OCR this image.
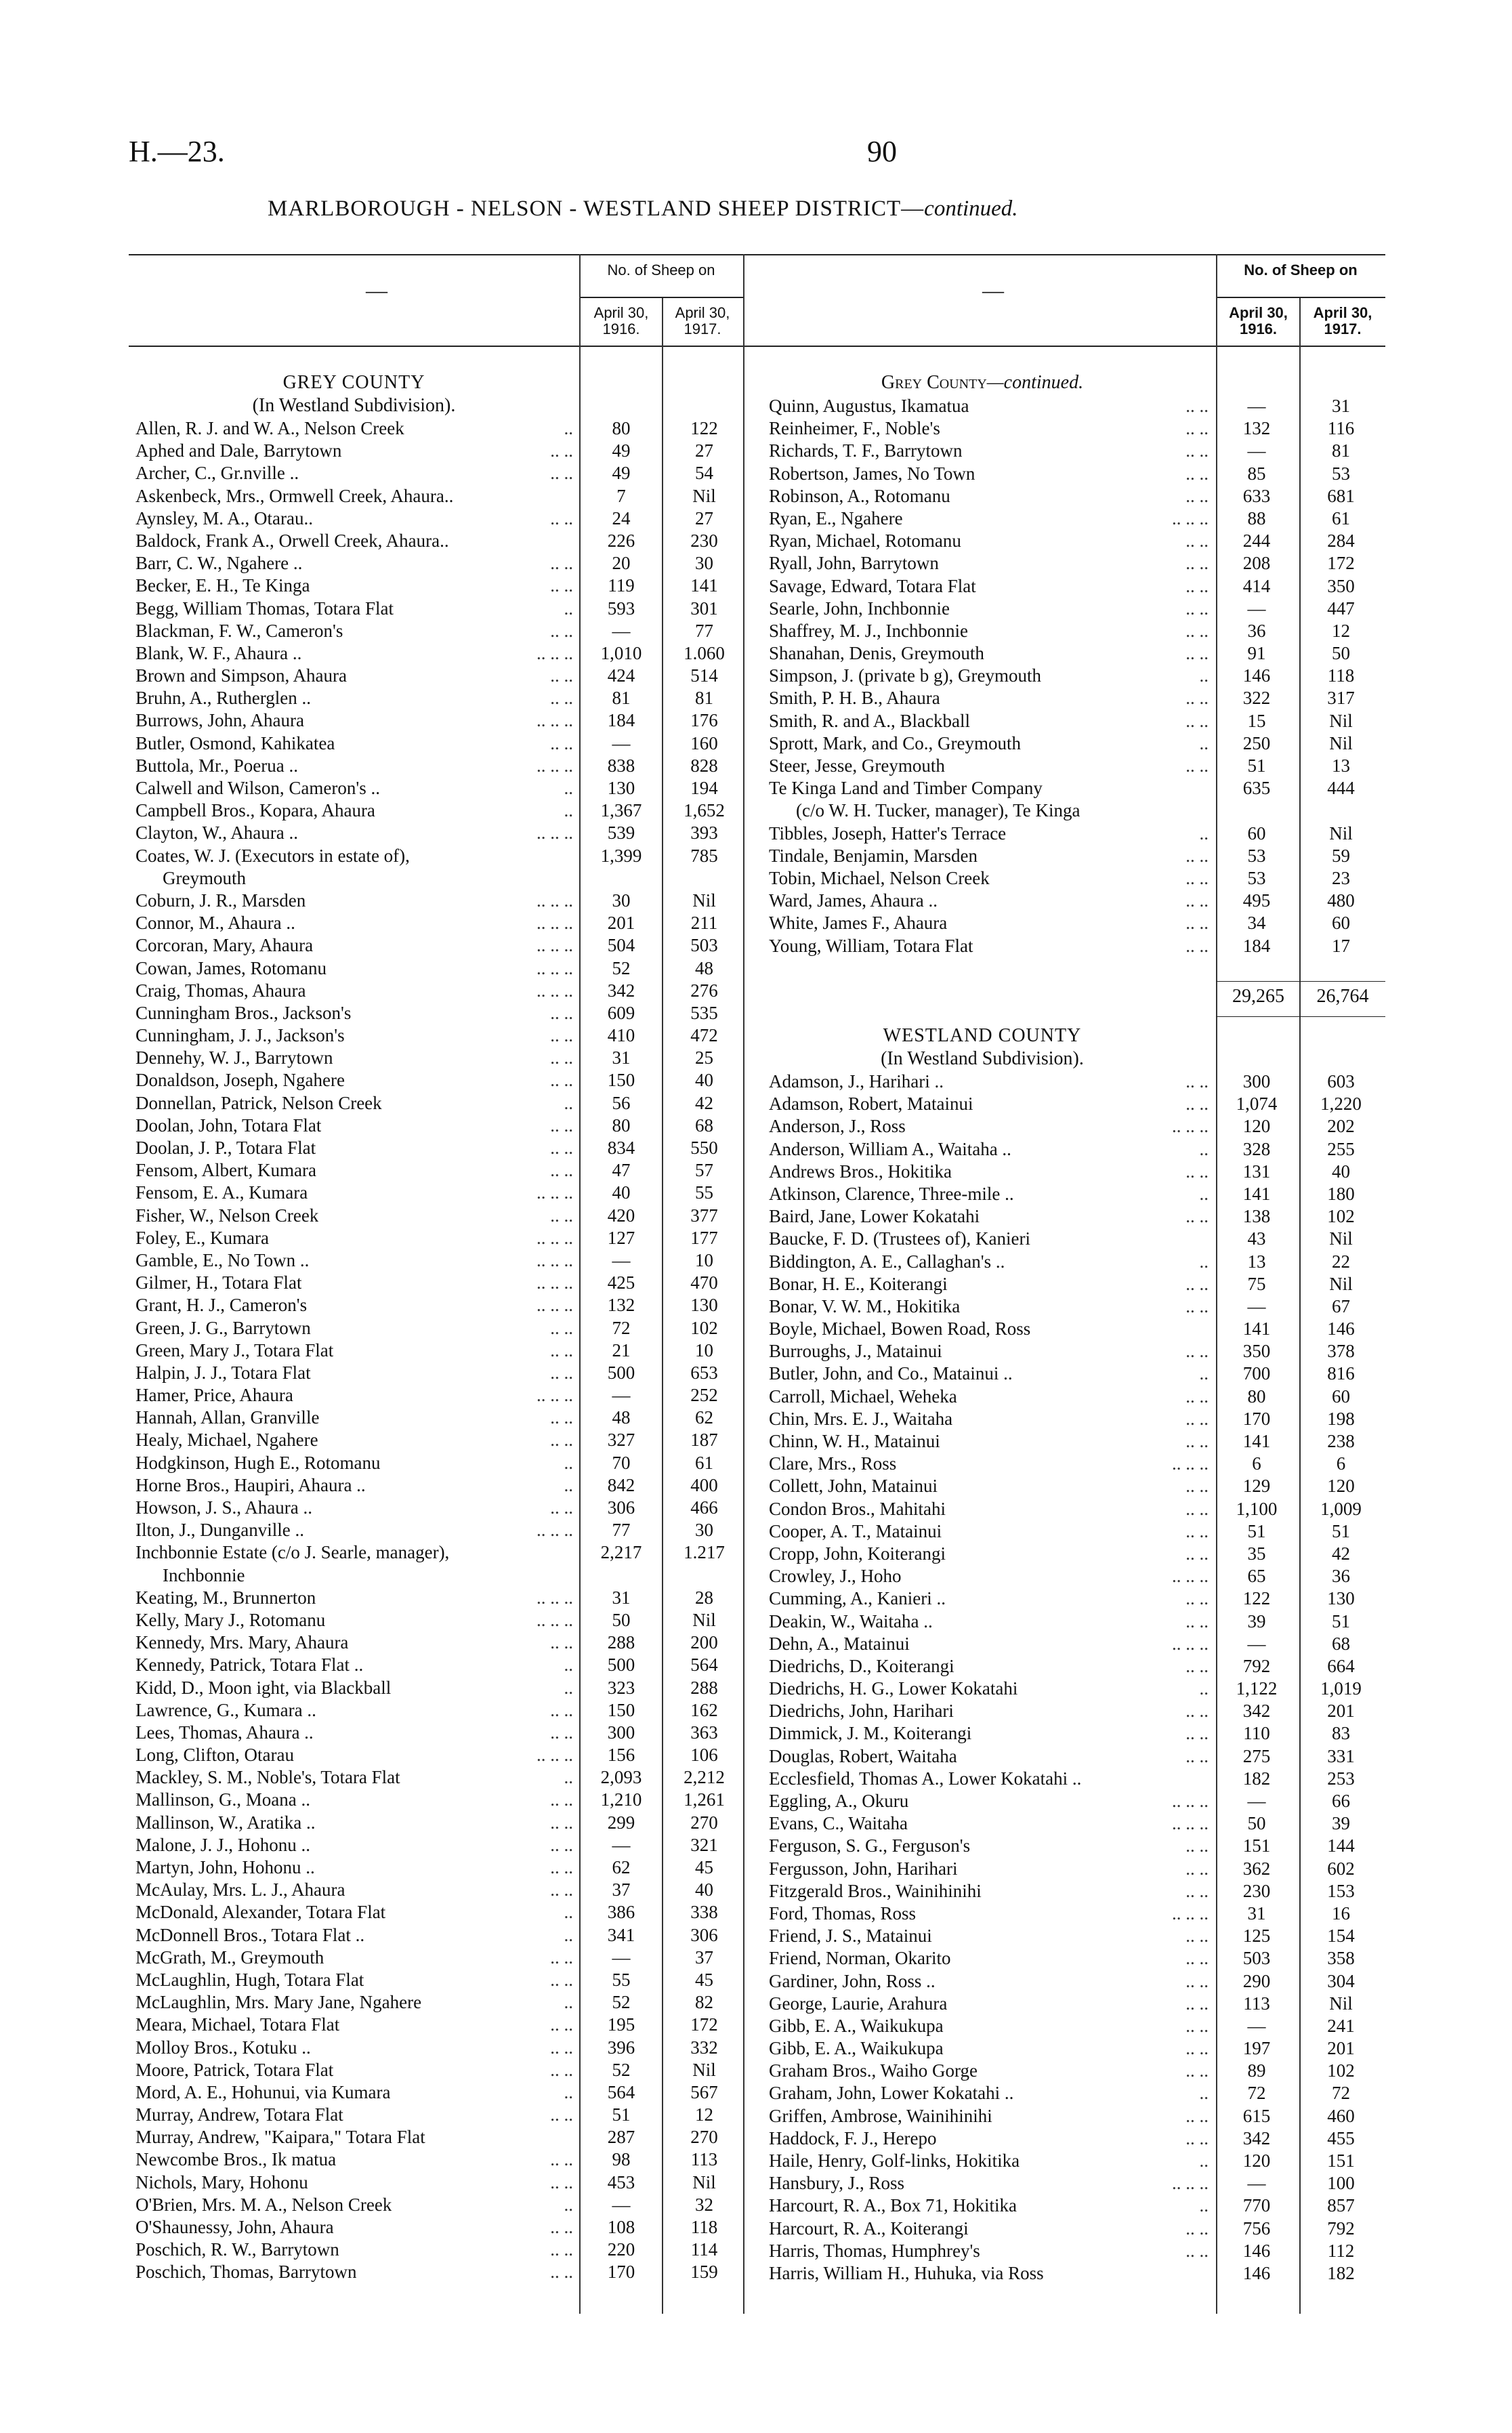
H.—23.	90
MARLBOROUGH - NELSON - WESTLAND SHEEP DISTRICT—continued.
—
No. of Sheep on
April 30, 1916.
April 30, 1917.
—
No. of Sheep on
April 30, 1916.
April 30, 1917.
GREY COUNTY
(In Westland Subdivision).
Allen, R. J. and W. A., Nelson Creek	..	80	122
Aphed and Dale, Barrytown	.. ..	49	27
Archer, C., Gr.nville ..	.. ..	49	54
Askenbeck, Mrs., Ormwell Creek, Ahaura..	7	Nil
Aynsley, M. A., Otarau..	.. ..	24	27
Baldock, Frank A., Orwell Creek, Ahaura..	226	230
Barr, C. W., Ngahere ..	.. ..	20	30
Becker, E. H., Te Kinga	.. ..	119	141
Begg, William Thomas, Totara Flat	..	593	301
Blackman, F. W., Cameron's	.. ..	—	77
Blank, W. F., Ahaura ..	.. .. ..	1,010	1.060
Brown and Simpson, Ahaura	.. ..	424	514
Bruhn, A., Rutherglen ..	.. ..	81	81
Burrows, John, Ahaura	.. .. ..	184	176
Butler, Osmond, Kahikatea	.. ..	—	160
Buttola, Mr., Poerua ..	.. .. ..	838	828
Calwell and Wilson, Cameron's ..	..	130	194
Campbell Bros., Kopara, Ahaura	..	1,367	1,652
Clayton, W., Ahaura ..	.. .. ..	539	393
Coates, W. J. (Executors in estate of),	1,399	785
Greymouth
Coburn, J. R., Marsden	.. .. ..	30	Nil
Connor, M., Ahaura ..	.. .. ..	201	211
Corcoran, Mary, Ahaura	.. .. ..	504	503
Cowan, James, Rotomanu	.. .. ..	52	48
Craig, Thomas, Ahaura	.. .. ..	342	276
Cunningham Bros., Jackson's	.. ..	609	535
Cunningham, J. J., Jackson's	.. ..	410	472
Dennehy, W. J., Barrytown	.. ..	31	25
Donaldson, Joseph, Ngahere	.. ..	150	40
Donnellan, Patrick, Nelson Creek	..	56	42
Doolan, John, Totara Flat	.. ..	80	68
Doolan, J. P., Totara Flat	.. ..	834	550
Fensom, Albert, Kumara	.. ..	47	57
Fensom, E. A., Kumara	.. .. ..	40	55
Fisher, W., Nelson Creek	.. ..	420	377
Foley, E., Kumara	.. .. ..	127	177
Gamble, E., No Town ..	.. .. ..	—	10
Gilmer, H., Totara Flat	.. .. ..	425	470
Grant, H. J., Cameron's	.. .. ..	132	130
Green, J. G., Barrytown	.. ..	72	102
Green, Mary J., Totara Flat	.. ..	21	10
Halpin, J. J., Totara Flat	.. ..	500	653
Hamer, Price, Ahaura	.. .. ..	—	252
Hannah, Allan, Granville	.. ..	48	62
Healy, Michael, Ngahere	.. ..	327	187
Hodgkinson, Hugh E., Rotomanu	..	70	61
Horne Bros., Haupiri, Ahaura ..	..	842	400
Howson, J. S., Ahaura ..	.. ..	306	466
Ilton, J., Dunganville ..	.. .. ..	77	30
Inchbonnie Estate (c/o J. Searle, manager),	2,217	1.217
Inchbonnie
Keating, M., Brunnerton	.. .. ..	31	28
Kelly, Mary J., Rotomanu	.. .. ..	50	Nil
Kennedy, Mrs. Mary, Ahaura	.. ..	288	200
Kennedy, Patrick, Totara Flat ..	..	500	564
Kidd, D., Moon ight, via Blackball	..	323	288
Lawrence, G., Kumara ..	.. ..	150	162
Lees, Thomas, Ahaura ..	.. ..	300	363
Long, Clifton, Otarau	.. .. ..	156	106
Mackley, S. M., Noble's, Totara Flat	..	2,093	2,212
Mallinson, G., Moana ..	.. ..	1,210	1,261
Mallinson, W., Aratika ..	.. ..	299	270
Malone, J. J., Hohonu ..	.. ..	—	321
Martyn, John, Hohonu ..	.. ..	62	45
McAulay, Mrs. L. J., Ahaura	.. ..	37	40
McDonald, Alexander, Totara Flat	..	386	338
McDonnell Bros., Totara Flat ..	..	341	306
McGrath, M., Greymouth	.. ..	—	37
McLaughlin, Hugh, Totara Flat	.. ..	55	45
McLaughlin, Mrs. Mary Jane, Ngahere	..	52	82
Meara, Michael, Totara Flat	.. ..	195	172
Molloy Bros., Kotuku ..	.. ..	396	332
Moore, Patrick, Totara Flat	.. ..	52	Nil
Mord, A. E., Hohunui, via Kumara	..	564	567
Murray, Andrew, Totara Flat	.. ..	51	12
Murray, Andrew, "Kaipara," Totara Flat	287	270
Newcombe Bros., Ik matua	.. ..	98	113
Nichols, Mary, Hohonu	.. ..	453	Nil
O'Brien, Mrs. M. A., Nelson Creek	..	—	32
O'Shaunessy, John, Ahaura	.. ..	108	118
Poschich, R. W., Barrytown	.. ..	220	114
Poschich, Thomas, Barrytown	.. ..	170	159
Grey County—continued.
Quinn, Augustus, Ikamatua	.. ..	—	31
Reinheimer, F., Noble's	.. ..	132	116
Richards, T. F., Barrytown	.. ..	—	81
Robertson, James, No Town	.. ..	85	53
Robinson, A., Rotomanu	.. ..	633	681
Ryan, E., Ngahere	.. .. ..	88	61
Ryan, Michael, Rotomanu	.. ..	244	284
Ryall, John, Barrytown	.. ..	208	172
Savage, Edward, Totara Flat	.. ..	414	350
Searle, John, Inchbonnie	.. ..	—	447
Shaffrey, M. J., Inchbonnie	.. ..	36	12
Shanahan, Denis, Greymouth	.. ..	91	50
Simpson, J. (private b g), Greymouth	..	146	118
Smith, P. H. B., Ahaura	.. ..	322	317
Smith, R. and A., Blackball	.. ..	15	Nil
Sprott, Mark, and Co., Greymouth	..	250	Nil
Steer, Jesse, Greymouth	.. ..	51	13
Te Kinga Land and Timber Company	635	444
(c/o W. H. Tucker, manager), Te Kinga
Tibbles, Joseph, Hatter's Terrace	..	60	Nil
Tindale, Benjamin, Marsden	.. ..	53	59
Tobin, Michael, Nelson Creek	.. ..	53	23
Ward, James, Ahaura ..	.. ..	495	480
White, James F., Ahaura	.. ..	34	60
Young, William, Totara Flat	.. ..	184	17
29,265	26,764
WESTLAND COUNTY
(In Westland Subdivision).
Adamson, J., Harihari ..	.. ..	300	603
Adamson, Robert, Matainui	.. ..	1,074	1,220
Anderson, J., Ross	.. .. ..	120	202
Anderson, William A., Waitaha ..	..	328	255
Andrews Bros., Hokitika	.. ..	131	40
Atkinson, Clarence, Three-mile ..	..	141	180
Baird, Jane, Lower Kokatahi	.. ..	138	102
Baucke, F. D. (Trustees of), Kanieri	43	Nil
Biddington, A. E., Callaghan's ..	..	13	22
Bonar, H. E., Koiterangi	.. ..	75	Nil
Bonar, V. W. M., Hokitika	.. ..	—	67
Boyle, Michael, Bowen Road, Ross	141	146
Burroughs, J., Matainui	.. ..	350	378
Butler, John, and Co., Matainui ..	..	700	816
Carroll, Michael, Weheka	.. ..	80	60
Chin, Mrs. E. J., Waitaha	.. ..	170	198
Chinn, W. H., Matainui	.. ..	141	238
Clare, Mrs., Ross	.. .. ..	6	6
Collett, John, Matainui	.. ..	129	120
Condon Bros., Mahitahi	.. ..	1,100	1,009
Cooper, A. T., Matainui	.. ..	51	51
Cropp, John, Koiterangi	.. ..	35	42
Crowley, J., Hoho	.. .. ..	65	36
Cumming, A., Kanieri ..	.. ..	122	130
Deakin, W., Waitaha ..	.. ..	39	51
Dehn, A., Matainui	.. .. ..	—	68
Diedrichs, D., Koiterangi	.. ..	792	664
Diedrichs, H. G., Lower Kokatahi	..	1,122	1,019
Diedrichs, John, Harihari	.. ..	342	201
Dimmick, J. M., Koiterangi	.. ..	110	83
Douglas, Robert, Waitaha	.. ..	275	331
Ecclesfield, Thomas A., Lower Kokatahi ..	182	253
Eggling, A., Okuru	.. .. ..	—	66
Evans, C., Waitaha	.. .. ..	50	39
Ferguson, S. G., Ferguson's	.. ..	151	144
Fergusson, John, Harihari	.. ..	362	602
Fitzgerald Bros., Wainihinihi	.. ..	230	153
Ford, Thomas, Ross	.. .. ..	31	16
Friend, J. S., Matainui	.. ..	125	154
Friend, Norman, Okarito	.. ..	503	358
Gardiner, John, Ross ..	.. ..	290	304
George, Laurie, Arahura	.. ..	113	Nil
Gibb, E. A., Waikukupa	.. ..	—	241
Gibb, E. A., Waikukupa	.. ..	197	201
Graham Bros., Waiho Gorge	.. ..	89	102
Graham, John, Lower Kokatahi ..	..	72	72
Griffen, Ambrose, Wainihinihi	.. ..	615	460
Haddock, F. J., Herepo	.. ..	342	455
Haile, Henry, Golf-links, Hokitika	..	120	151
Hansbury, J., Ross	.. .. ..	—	100
Harcourt, R. A., Box 71, Hokitika	..	770	857
Harcourt, R. A., Koiterangi	.. ..	756	792
Harris, Thomas, Humphrey's	.. ..	146	112
Harris, William H., Huhuka, via Ross	146	182
